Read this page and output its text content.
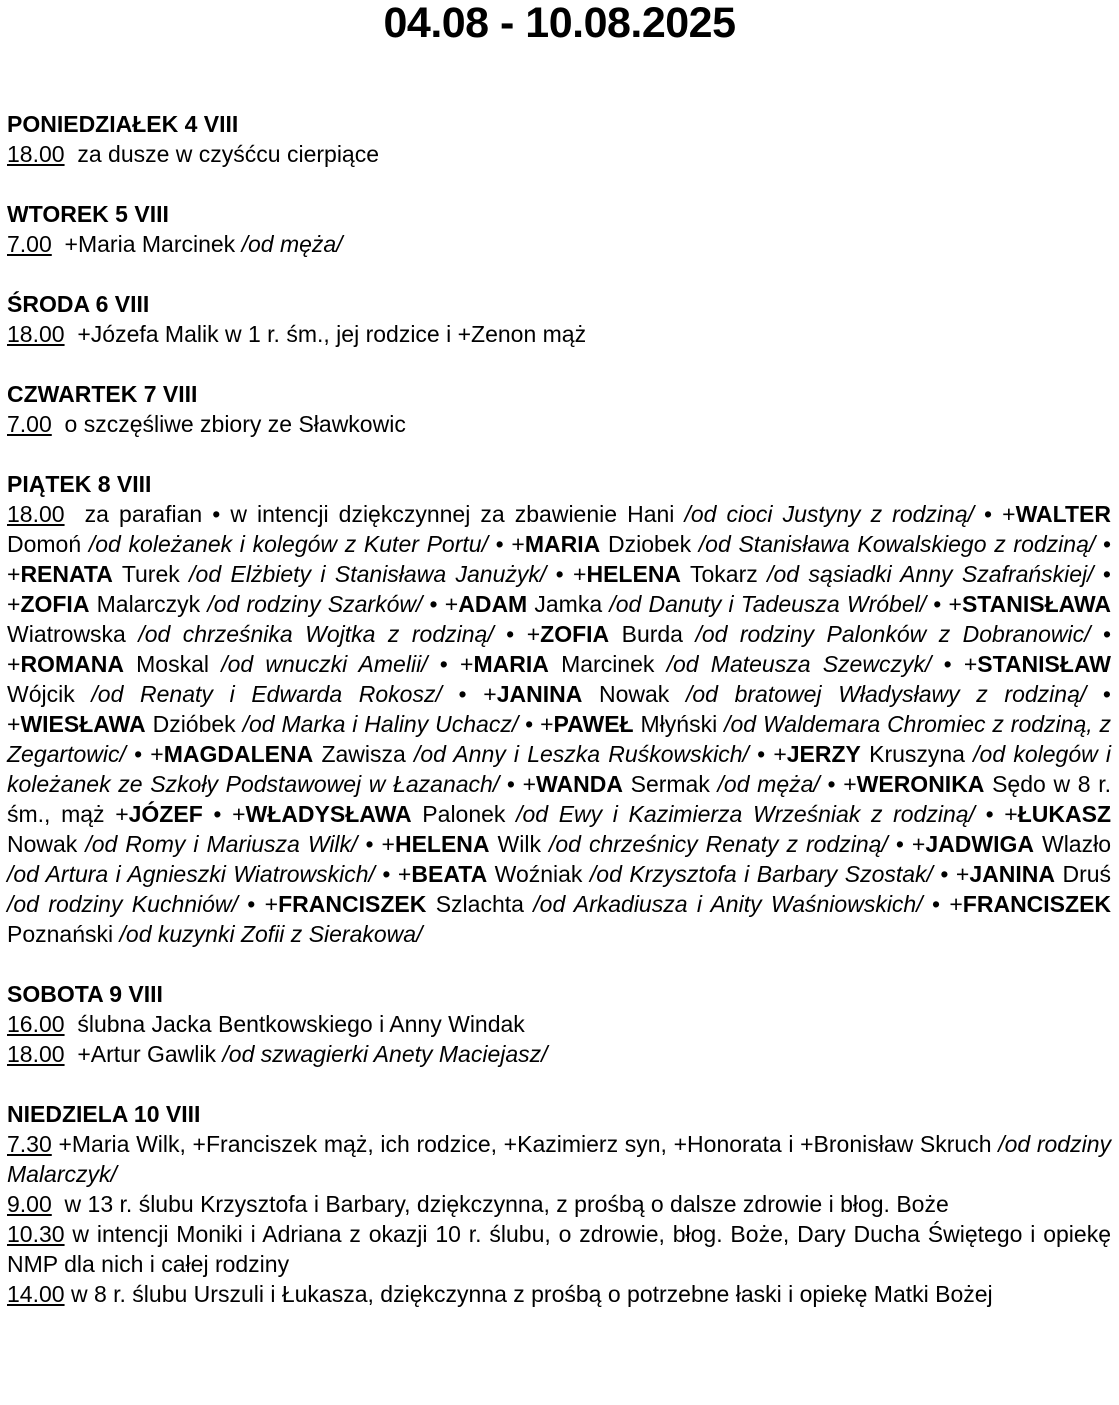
04.08 - 10.08.2025
PONIEDZIAŁEK 4 VIII
18.00  za dusze w czyśćcu cierpiące
WTOREK 5 VIII
7.00  +Maria Marcinek /od męża/
ŚRODA 6 VIII
18.00  +Józefa Malik w 1 r. śm., jej rodzice i +Zenon mąż
CZWARTEK 7 VIII
7.00  o szczęśliwe zbiory ze Sławkowic
PIĄTEK 8 VIII
18.00  za parafian • w intencji dziękczynnej za zbawienie Hani /od cioci Justyny z rodziną/ • +WALTER Domoń /od koleżanek i kolegów z Kuter Portu/ • +MARIA Dziobek /od Stanisława Kowalskiego z rodziną/ • +RENATA Turek /od Elżbiety i Stanisława Janużyk/ • +HELENA Tokarz /od sąsiadki Anny Szafrańskiej/ • +ZOFIA Malarczyk /od rodziny Szarków/ • +ADAM Jamka /od Danuty i Tadeusza Wróbel/ • +STANISŁAWA Wiatrowska /od chrześnika Wojtka z rodziną/ • +ZOFIA Burda /od rodziny Palonków z Dobranowic/ • +ROMANA Moskal /od wnuczki Amelii/ • +MARIA Marcinek /od Mateusza Szewczyk/ • +STANISŁAW Wójcik /od Renaty i Edwarda Rokosz/ • +JANINA Nowak /od bratowej Władysławy z rodziną/ • +WIESŁAWA Dzióbek /od Marka i Haliny Uchacz/ • +PAWEŁ Młyński /od Waldemara Chromiec z rodziną, z Zegartowic/ • +MAGDALENA Zawisza /od Anny i Leszka Ruśkowskich/ • +JERZY Kruszyna /od kolegów i koleżanek ze Szkoły Podstawowej w Łazanach/ • +WANDA Sermak /od męża/ • +WERONIKA Sędo w 8 r. śm., mąż +JÓZEF • +WŁADYSŁAWA Palonek /od Ewy i Kazimierza Wrześniak z rodziną/ • +ŁUKASZ Nowak /od Romy i Mariusza Wilk/ • +HELENA Wilk /od chrześnicy Renaty z rodziną/ • +JADWIGA Wlazło /od Artura i Agnieszki Wiatrowskich/ • +BEATA Woźniak /od Krzysztofa i Barbary Szostak/ • +JANINA Druś /od rodziny Kuchniów/ • +FRANCISZEK Szlachta /od Arkadiusza i Anity Waśniowskich/ • +FRANCISZEK Poznański /od kuzynki Zofii z Sierakowa/
SOBOTA 9 VIII
16.00  ślubna Jacka Bentkowskiego i Anny Windak
18.00  +Artur Gawlik /od szwagierki Anety Maciejasz/
NIEDZIELA 10 VIII
7.30 +Maria Wilk, +Franciszek mąż, ich rodzice, +Kazimierz syn, +Honorata i +Bronisław Skruch /od rodziny Malarczyk/
9.00  w 13 r. ślubu Krzysztofa i Barbary, dziękczynna, z prośbą o dalsze zdrowie i błog. Boże
10.30 w intencji Moniki i Adriana z okazji 10 r. ślubu, o zdrowie, błog. Boże, Dary Ducha Świętego i opiekę NMP dla nich i całej rodziny
14.00 w 8 r. ślubu Urszuli i Łukasza, dziękczynna z prośbą o potrzebne łaski i opiekę Matki Bożej
